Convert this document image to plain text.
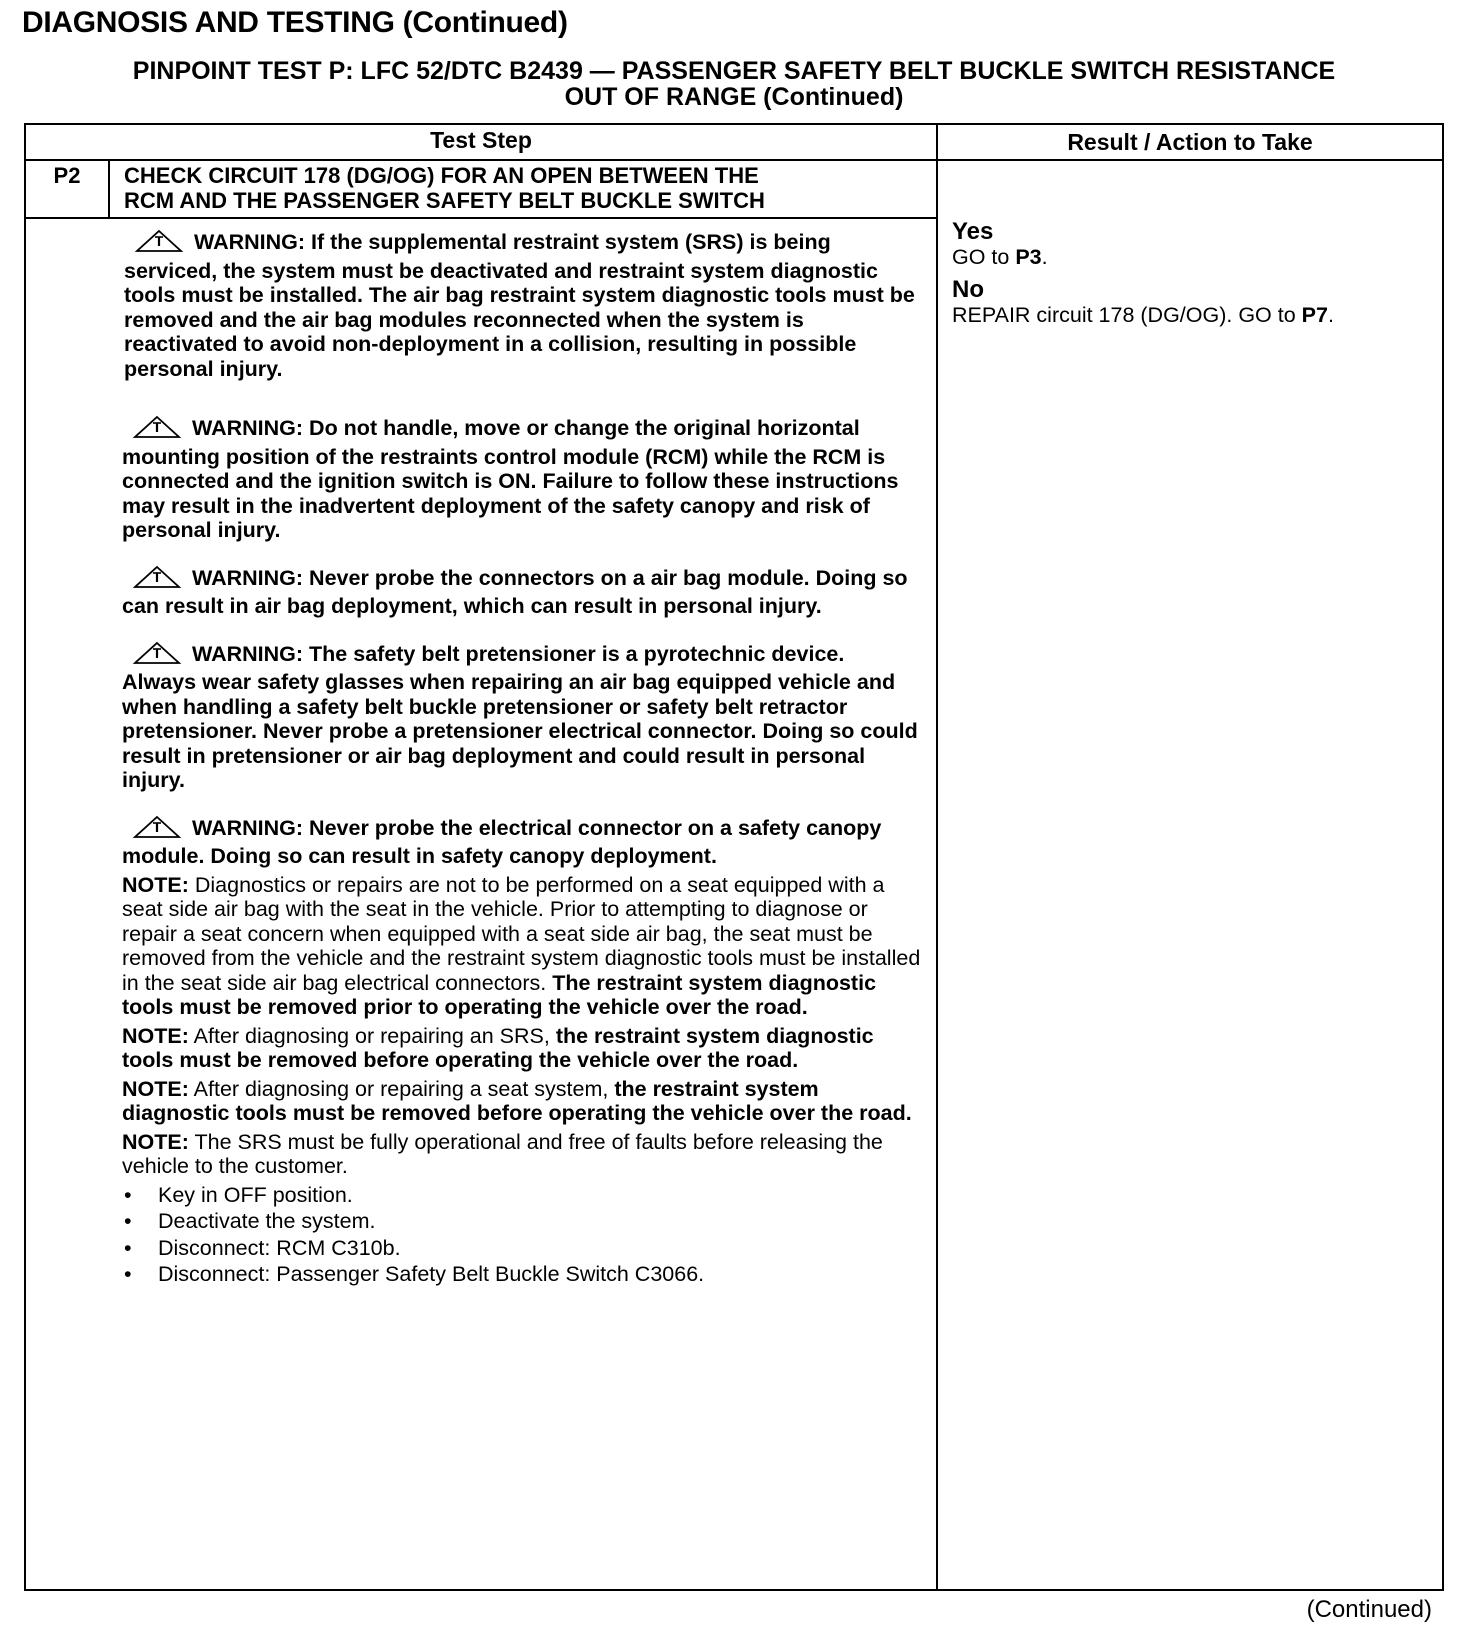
DIAGNOSIS AND TESTING (Continued)
PINPOINT TEST P: LFC 52/DTC B2439 — PASSENGER SAFETY BELT BUCKLE SWITCH RESISTANCE
OUT OF RANGE (Continued)
Test Step	Result / Action to Take
P2	CHECK CIRCUIT 178 (DG/OG) FOR AN OPEN BETWEEN THE
RCM AND THE PASSENGER SAFETY BELT BUCKLE SWITCH

WARNING: If the supplemental restraint system (SRS) is being serviced, the system must be deactivated and restraint system diagnostic tools must be installed. The air bag restraint system diagnostic tools must be removed and the air bag modules reconnected when the system is reactivated to avoid non-deployment in a collision, resulting in possible personal injury.

WARNING: Do not handle, move or change the original horizontal mounting position of the restraints control module (RCM) while the RCM is connected and the ignition switch is ON. Failure to follow these instructions may result in the inadvertent deployment of the safety canopy and risk of personal injury.

WARNING: Never probe the connectors on a air bag module. Doing so can result in air bag deployment, which can result in personal injury.

WARNING: The safety belt pretensioner is a pyrotechnic device. Always wear safety glasses when repairing an air bag equipped vehicle and when handling a safety belt buckle pretensioner or safety belt retractor pretensioner. Never probe a pretensioner electrical connector. Doing so could result in pretensioner or air bag deployment and could result in personal injury.

WARNING: Never probe the electrical connector on a safety canopy module. Doing so can result in safety canopy deployment.

NOTE: Diagnostics or repairs are not to be performed on a seat equipped with a seat side air bag with the seat in the vehicle. Prior to attempting to diagnose or repair a seat concern when equipped with a seat side air bag, the seat must be removed from the vehicle and the restraint system diagnostic tools must be installed in the seat side air bag electrical connectors. The restraint system diagnostic tools must be removed prior to operating the vehicle over the road.

NOTE: After diagnosing or repairing an SRS, the restraint system diagnostic tools must be removed before operating the vehicle over the road.

NOTE: After diagnosing or repairing a seat system, the restraint system diagnostic tools must be removed before operating the vehicle over the road.

NOTE: The SRS must be fully operational and free of faults before releasing the vehicle to the customer.

• Key in OFF position.
• Deactivate the system.
• Disconnect: RCM C310b.
• Disconnect: Passenger Safety Belt Buckle Switch C3066.
Yes
GO to P3.
No
REPAIR circuit 178 (DG/OG). GO to P7.
(Continued)
